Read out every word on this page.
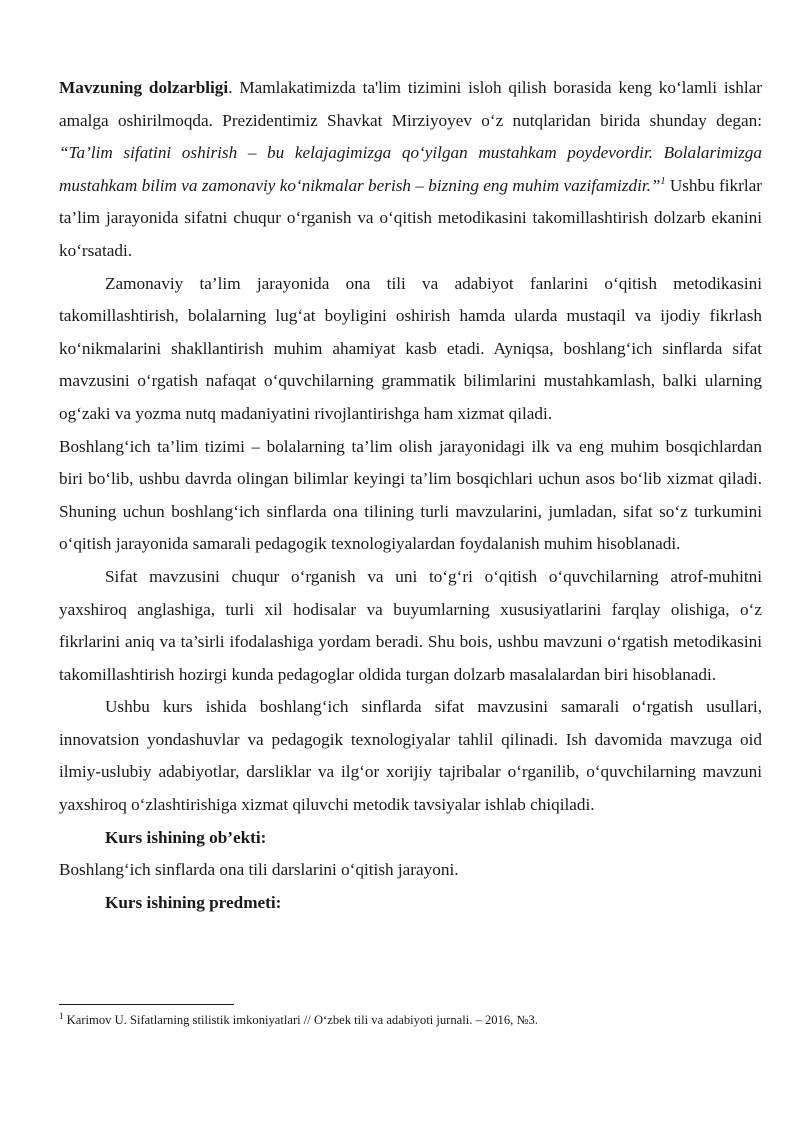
Mavzuning dolzarbligi. Mamlakatimizda ta'lim tizimini isloh qilish borasida keng koʻlamli ishlar amalga oshirilmoqda. Prezidentimiz Shavkat Mirziyoyev oʻz nutqlaridan birida shunday degan: “Ta’lim sifatini oshirish – bu kelajagimizga qoʻyilgan mustahkam poydevordir. Bolalarimizga mustahkam bilim va zamonaviy koʻnikmalar berish – bizning eng muhim vazifamizdir.”$^1$ Ushbu fikrlar ta’lim jarayonida sifatni chuqur oʻrganish va oʻqitish metodikasini takomillashtirish dolzarb ekanini koʻrsatadi.

Zamonaviy ta’lim jarayonida ona tili va adabiyot fanlarini oʻqitish metodikasini takomillashtirish, bolalarning lugʻat boyligini oshirish hamda ularda mustaqil va ijodiy fikrlash koʻnikmalarini shakllantirish muhim ahamiyat kasb etadi. Ayniqsa, boshlangʻich sinflarda sifat mavzusini oʻrgatish nafaqat oʻquvchilarning grammatik bilimlarini mustahkamlash, balki ularning ogʻzaki va yozma nutq madaniyatini rivojlantirishga ham xizmat qiladi.

Boshlangʻich ta’lim tizimi – bolalarning ta’lim olish jarayonidagi ilk va eng muhim bosqichlardan biri boʻlib, ushbu davrda olingan bilimlar keyingi ta’lim bosqichlari uchun asos boʻlib xizmat qiladi. Shuning uchun boshlangʻich sinflarda ona tilining turli mavzularini, jumladan, sifat soʻz turkumini oʻqitish jarayonida samarali pedagogik texnologiyalardan foydalanish muhim hisoblanadi.

Sifat mavzusini chuqur oʻrganish va uni toʻgʻri oʻqitish oʻquvchilarning atrof-muhitni yaxshiroq anglashiga, turli xil hodisalar va buyumlarning xususiyatlarini farqlay olishiga, oʻz fikrlarini aniq va ta’sirli ifodalashiga yordam beradi. Shu bois, ushbu mavzuni oʻrgatish metodikasini takomillashtirish hozirgi kunda pedagoglar oldida turgan dolzarb masalalardan biri hisoblanadi.

Ushbu kurs ishida boshlangʻich sinflarda sifat mavzusini samarali oʻrgatish usullari, innovatsion yondashuvlar va pedagogik texnologiyalar tahlil qilinadi. Ish davomida mavzuga oid ilmiy-uslubiy adabiyotlar, darsliklar va ilgʻor xorijiy tajribalar oʻrganilib, oʻquvchilarning mavzuni yaxshiroq oʻzlashtirishiga xizmat qiluvchi metodik tavsiyalar ishlab chiqiladi.

Kurs ishining ob’ekti:

Boshlangʻich sinflarda ona tili darslarini oʻqitish jarayoni.

Kurs ishining predmeti:

$^1$ Karimov U. Sifatlarning stilistik imkoniyatlari // Oʻzbek tili va adabiyoti jurnali. – 2016, №3.
